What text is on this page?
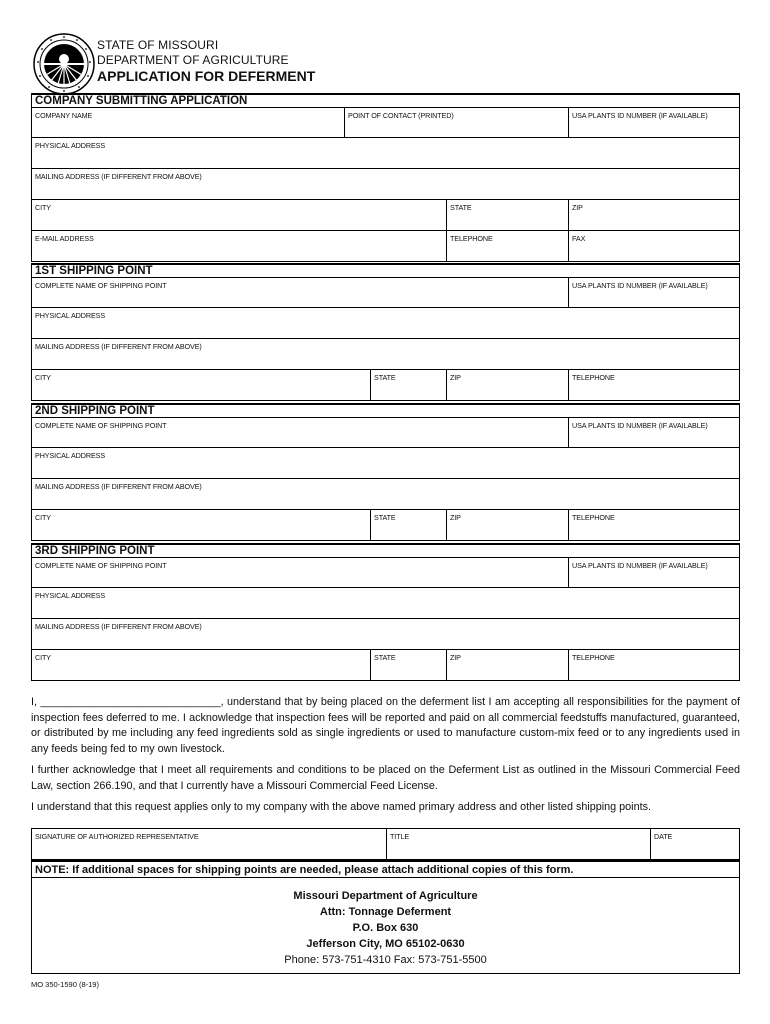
STATE OF MISSOURI
DEPARTMENT OF AGRICULTURE
APPLICATION FOR DEFERMENT
COMPANY SUBMITTING APPLICATION
COMPANY NAME	POINT OF CONTACT (PRINTED)	USA PLANTS ID NUMBER (IF AVAILABLE)
PHYSICAL ADDRESS
MAILING ADDRESS (IF DIFFERENT FROM ABOVE)
CITY	STATE	ZIP
E-MAIL ADDRESS	TELEPHONE	FAX
1ST SHIPPING POINT
COMPLETE NAME OF SHIPPING POINT	USA PLANTS ID NUMBER (IF AVAILABLE)
PHYSICAL ADDRESS
MAILING ADDRESS (IF DIFFERENT FROM ABOVE)
CITY	STATE	ZIP	TELEPHONE
2ND SHIPPING POINT
COMPLETE NAME OF SHIPPING POINT	USA PLANTS ID NUMBER (IF AVAILABLE)
PHYSICAL ADDRESS
MAILING ADDRESS (IF DIFFERENT FROM ABOVE)
CITY	STATE	ZIP	TELEPHONE
3RD SHIPPING POINT
COMPLETE NAME OF SHIPPING POINT	USA PLANTS ID NUMBER (IF AVAILABLE)
PHYSICAL ADDRESS
MAILING ADDRESS (IF DIFFERENT FROM ABOVE)
CITY	STATE	ZIP	TELEPHONE

I, ______________________________, understand that by being placed on the deferment list I am accepting all responsibilities for the payment of inspection fees deferred to me. I acknowledge that inspection fees will be reported and paid on all commercial feedstuffs manufactured, guaranteed, or distributed by me including any feed ingredients sold as single ingredients or used to manufacture custom-mix feed or to any ingredients used in any feeds being fed to my own livestock.

I further acknowledge that I meet all requirements and conditions to be placed on the Deferment List as outlined in the Missouri Commercial Feed Law, section 266.190, and that I currently have a Missouri Commercial Feed License.

I understand that this request applies only to my company with the above named primary address and other listed shipping points.

SIGNATURE OF AUTHORIZED REPRESENTATIVE	TITLE	DATE
NOTE: If additional spaces for shipping points are needed, please attach additional copies of this form.
Missouri Department of Agriculture
Attn: Tonnage Deferment
P.O. Box 630
Jefferson City, MO 65102-0630
Phone: 573-751-4310 Fax: 573-751-5500
MO 350-1590 (8-19)
